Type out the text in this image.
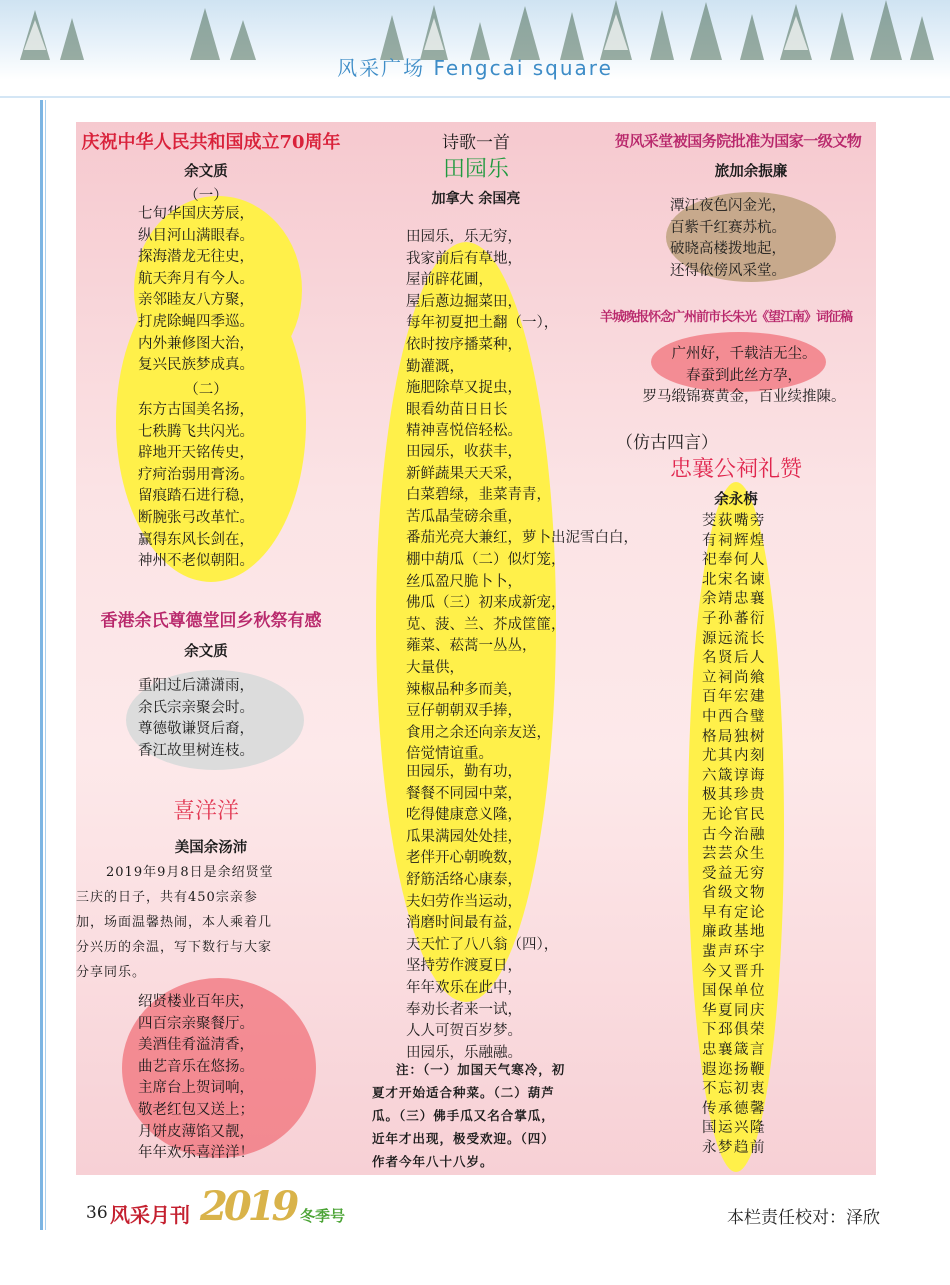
风采广场 Fengcai square
庆祝中华人民共和国成立70周年
余文质
（一）
七旬华国庆芳辰，
纵目河山满眼春。
探海潜龙无往史，
航天奔月有今人。
亲邻睦友八方聚，
打虎除蝇四季巡。
内外兼修图大治，
复兴民族梦成真。
（二）
东方古国美名扬，
七秩腾飞共闪光。
辟地开天铭传史，
疗疴治弱用膏汤。
留痕踏石进行稳，
断腕张弓改革忙。
赢得东风长剑在，
神州不老似朝阳。
香港余氏尊德堂回乡秋祭有感
余文质
重阳过后潇潇雨，
余氏宗亲聚会时。
尊德敬谦贤后裔，
香江故里树连枝。
喜洋洋
美国余汤沛
2019年9月8日是余绍贤堂
三庆的日子，共有450宗亲参
加，场面温馨热闹，本人乘着几
分兴历的余温，写下数行与大家
分享同乐。
绍贤楼业百年庆，
四百宗亲聚餐厅。
美酒佳肴溢清香，
曲艺音乐在悠扬。
主席台上贺词响，
敬老红包又送上；
月饼皮薄馅又靓，
年年欢乐喜洋洋！
诗歌一首
田园乐
加拿大 余国亮
田园乐，乐无穷，
我家前后有草地，
屋前辟花圃，
屋后蔥边掘菜田，
每年初夏把土翻（一），
依时按序播菜种，
勤灌溉，
施肥除草又捉虫，
眼看幼苗日日长
精神喜悦倍轻松。
田园乐，收获丰，
新鲜蔬果天天采，
白菜碧绿，韭菜青青，
苦瓜晶莹磅余重，
番茄光亮大兼红，萝卜出泥雪白白，
棚中葫瓜（二）似灯笼，
丝瓜盈尺脆卜卜，
佛瓜（三）初来成新宠，
苋、菠、兰、芥成筐篚，
蕹菜、菘蒿一丛丛，
大量供，
辣椒品种多而美，
豆仔朝朝双手捧，
食用之余还向亲友送，
倍觉情谊重。
田园乐，勤有功，
餐餐不同园中菜，
吃得健康意义隆，
瓜果满园处处挂，
老伴开心朝晚数，
舒筋活络心康泰，
夫妇劳作当运动，
消磨时间最有益，
天天忙了八八翁（四），
坚持劳作渡夏日，
年年欢乐在此中，
奉劝长者来一试，
人人可贺百岁梦。
田园乐，乐融融。
注：（一）加国天气寒冷，初
夏才开始适合种菜。（二）葫芦
瓜。（三）佛手瓜又名合掌瓜，
近年才出现，极受欢迎。（四）
作者今年八十八岁。
贺风采堂被国务院批准为国家一级文物
旅加余振廉
潭江夜色闪金光，
百紫千红赛苏杭。
破晓高楼拨地起，
还得依傍风采堂。
羊城晚报怀念广州前市长朱光《望江南》词征稿
广州好，千载洁无尘。
春蚕到此丝方孕，
罗马缎锦赛黄金，百业续推陳。
（仿古四言）
忠襄公祠礼赞
余永栴
茭荻嘴旁
有祠辉煌
祀奉何人
北宋名谏
余靖忠襄
子孙蕃衍
源远流长
名贤后人
立祠尚飨
百年宏建
中西合璧
格局独树
尤其内刻
六箴谆诲
极其珍贵
无论官民
古今治融
芸芸众生
受益无穷
省级文物
早有定论
廉政基地
蜚声环宇
今又晋升
国保单位
华夏同庆
下邳俱荣
忠襄箴言
遐迩扬鞭
不忘初衷
传承德馨
国运兴隆
永梦趋前
36 风采月刊 2019 冬季号	本栏责任校对：泽欣
